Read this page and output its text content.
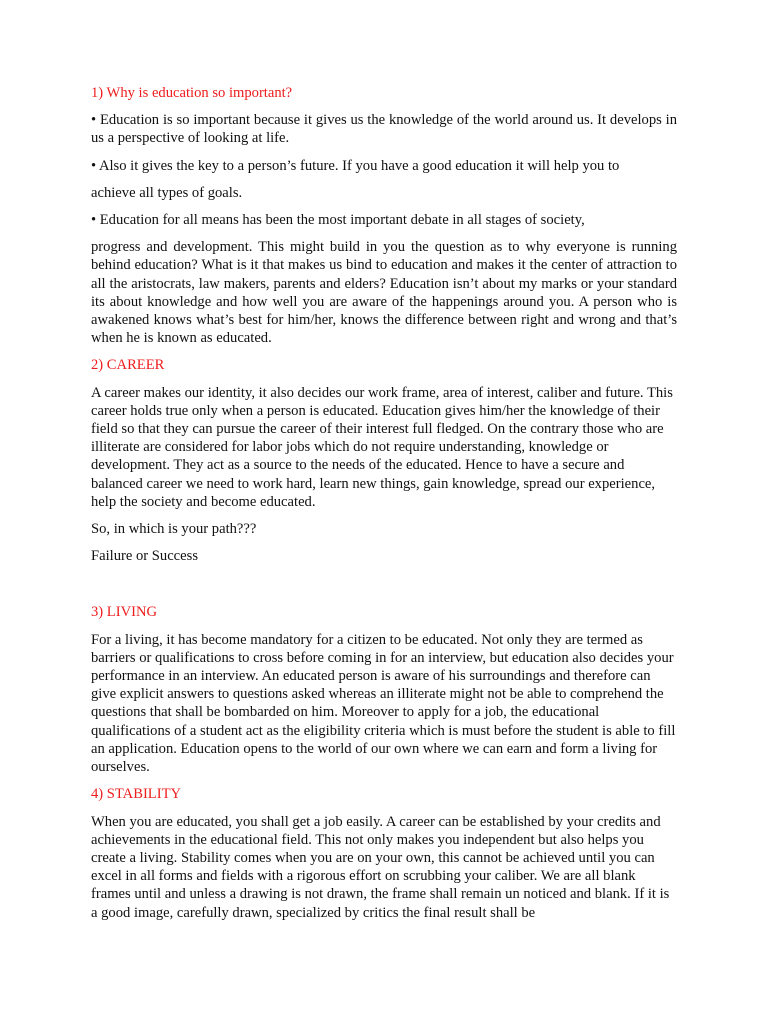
1) Why is education so important?
• Education is so important because it gives us the knowledge of the world around us. It develops in us a perspective of looking at life.
• Also it gives the key to a person’s future. If you have a good education it will help you to
achieve all types of goals.
• Education for all means has been the most important debate in all stages of society,
progress and development. This might build in you the question as to why everyone is running behind education? What is it that makes us bind to education and makes it the center of attraction to all the aristocrats, law makers, parents and elders? Education isn’t about my marks or your standard its about knowledge and how well you are aware of the happenings around you. A person who is awakened knows what’s best for him/her, knows the difference between right and wrong and that’s when he is known as educated.
2) CAREER
A career makes our identity, it also decides our work frame, area of interest, caliber and future. This career holds true only when a person is educated. Education gives him/her the knowledge of their field so that they can pursue the career of their interest full fledged. On the contrary those who are illiterate are considered for labor jobs which do not require understanding, knowledge or development. They act as a source to the needs of the educated. Hence to have a secure and balanced career we need to work hard, learn new things, gain knowledge, spread our experience, help the society and become educated.
So, in which is your path???
Failure or Success
3) LIVING
For a living, it has become mandatory for a citizen to be educated. Not only they are termed as barriers or qualifications to cross before coming in for an interview, but education also decides your performance in an interview. An educated person is aware of his surroundings and therefore can give explicit answers to questions asked whereas an illiterate might not be able to comprehend the questions that shall be bombarded on him. Moreover to apply for a job, the educational qualifications of a student act as the eligibility criteria which is must before the student is able to fill an application. Education opens to the world of our own where we can earn and form a living for ourselves.
4) STABILITY
When you are educated, you shall get a job easily. A career can be established by your credits and achievements in the educational field. This not only makes you independent but also helps you create a living. Stability comes when you are on your own, this cannot be achieved until you can excel in all forms and fields with a rigorous effort on scrubbing your caliber. We are all blank frames until and unless a drawing is not drawn, the frame shall remain un noticed and blank. If it is a good image, carefully drawn, specialized by critics the final result shall be
